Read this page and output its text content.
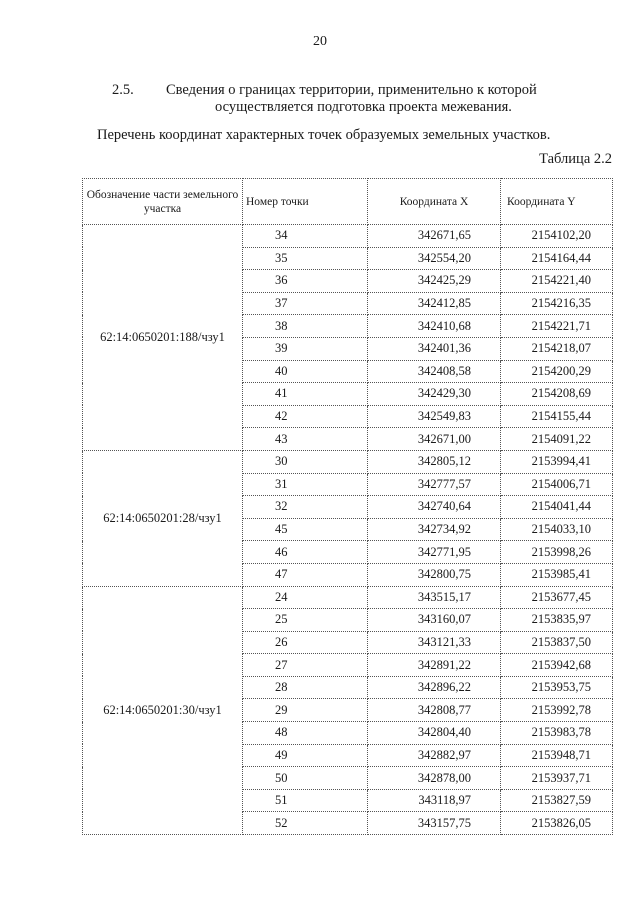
20
2.5. Сведения о границах территории, применительно к которой
осуществляется подготовка проекта межевания.
Перечень координат характерных точек образуемых земельных участков.
Таблица 2.2
Обозначение части земельного участка	Номер точки	Координата X	Координата Y
62:14:0650201:188/чзу1	34	342671,65	2154102,20
	35	342554,20	2154164,44
	36	342425,29	2154221,40
	37	342412,85	2154216,35
	38	342410,68	2154221,71
	39	342401,36	2154218,07
	40	342408,58	2154200,29
	41	342429,30	2154208,69
	42	342549,83	2154155,44
	43	342671,00	2154091,22
62:14:0650201:28/чзу1	30	342805,12	2153994,41
	31	342777,57	2154006,71
	32	342740,64	2154041,44
	45	342734,92	2154033,10
	46	342771,95	2153998,26
	47	342800,75	2153985,41
62:14:0650201:30/чзу1	24	343515,17	2153677,45
	25	343160,07	2153835,97
	26	343121,33	2153837,50
	27	342891,22	2153942,68
	28	342896,22	2153953,75
	29	342808,77	2153992,78
	48	342804,40	2153983,78
	49	342882,97	2153948,71
	50	342878,00	2153937,71
	51	343118,97	2153827,59
	52	343157,75	2153826,05
